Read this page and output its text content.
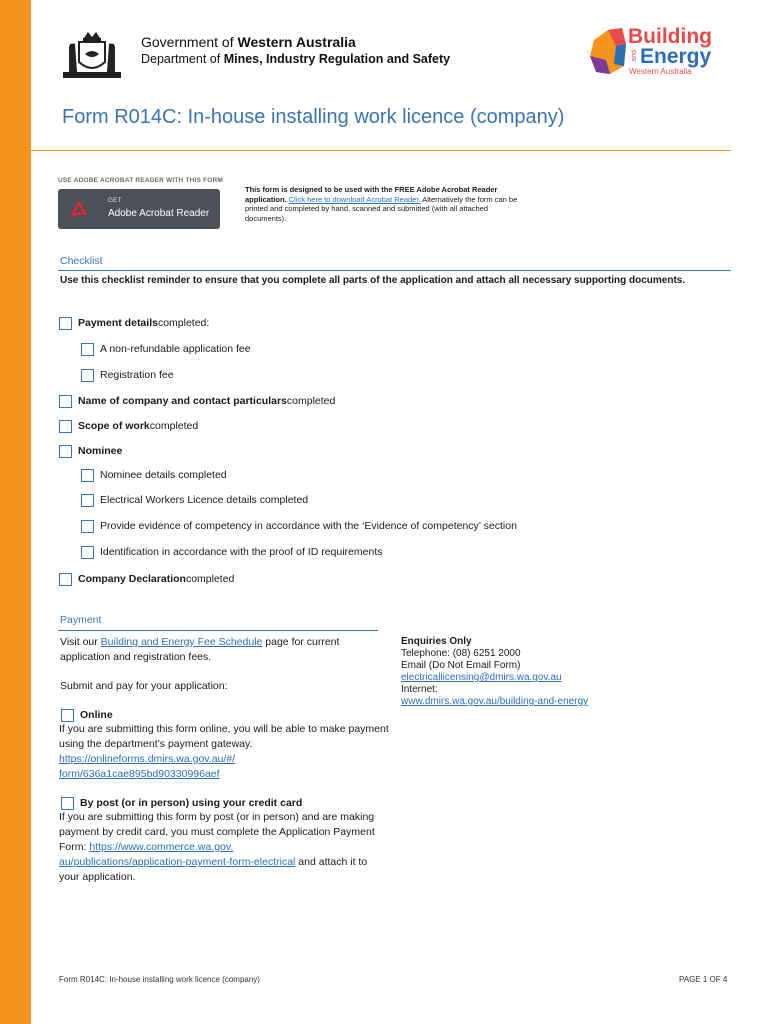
Government of Western Australia
Department of Mines, Industry Regulation and Safety
Building
and Energy
Western Australia
Form R014C: In-house installing work licence (company)
USE ADOBE ACROBAT READER WITH THIS FORM
GET
Adobe Acrobat Reader
This form is designed to be used with the FREE Adobe Acrobat Reader application. Click here to download Acrobat Reader. Alternatively the form can be printed and completed by hand, scanned and submitted (with all attached documents).
Checklist
Use this checklist reminder to ensure that you complete all parts of the application and attach all necessary supporting documents.
Payment details completed:
A non-refundable application fee
Registration fee
Name of company and contact particulars completed
Scope of work completed
Nominee
Nominee details completed
Electrical Workers Licence details completed
Provide evidence of competency in accordance with the ‘Evidence of competency’ section
Identification in accordance with the proof of ID requirements
Company Declaration completed
Payment
Visit our Building and Energy Fee Schedule page for current application and registration fees.
Submit and pay for your application:
Online
If you are submitting this form online, you will be able to make payment using the department’s payment gateway.
https://onlineforms.dmirs.wa.gov.au/#/
form/636a1cae895bd90330996aef
By post (or in person) using your credit card
If you are submitting this form by post (or in person) and are making payment by credit card, you must complete the Application Payment Form: https://www.commerce.wa.gov.
au/publications/application-payment-form-electrical and attach it to your application.
Enquiries Only
Telephone: (08) 6251 2000
Email (Do Not Email Form)
electricallicensing@dmirs.wa.gov.au
Internet:
www.dmirs.wa.gov.au/building-and-energy
Form R014C: In-house installing work licence (company)	PAGE 1 OF 4
